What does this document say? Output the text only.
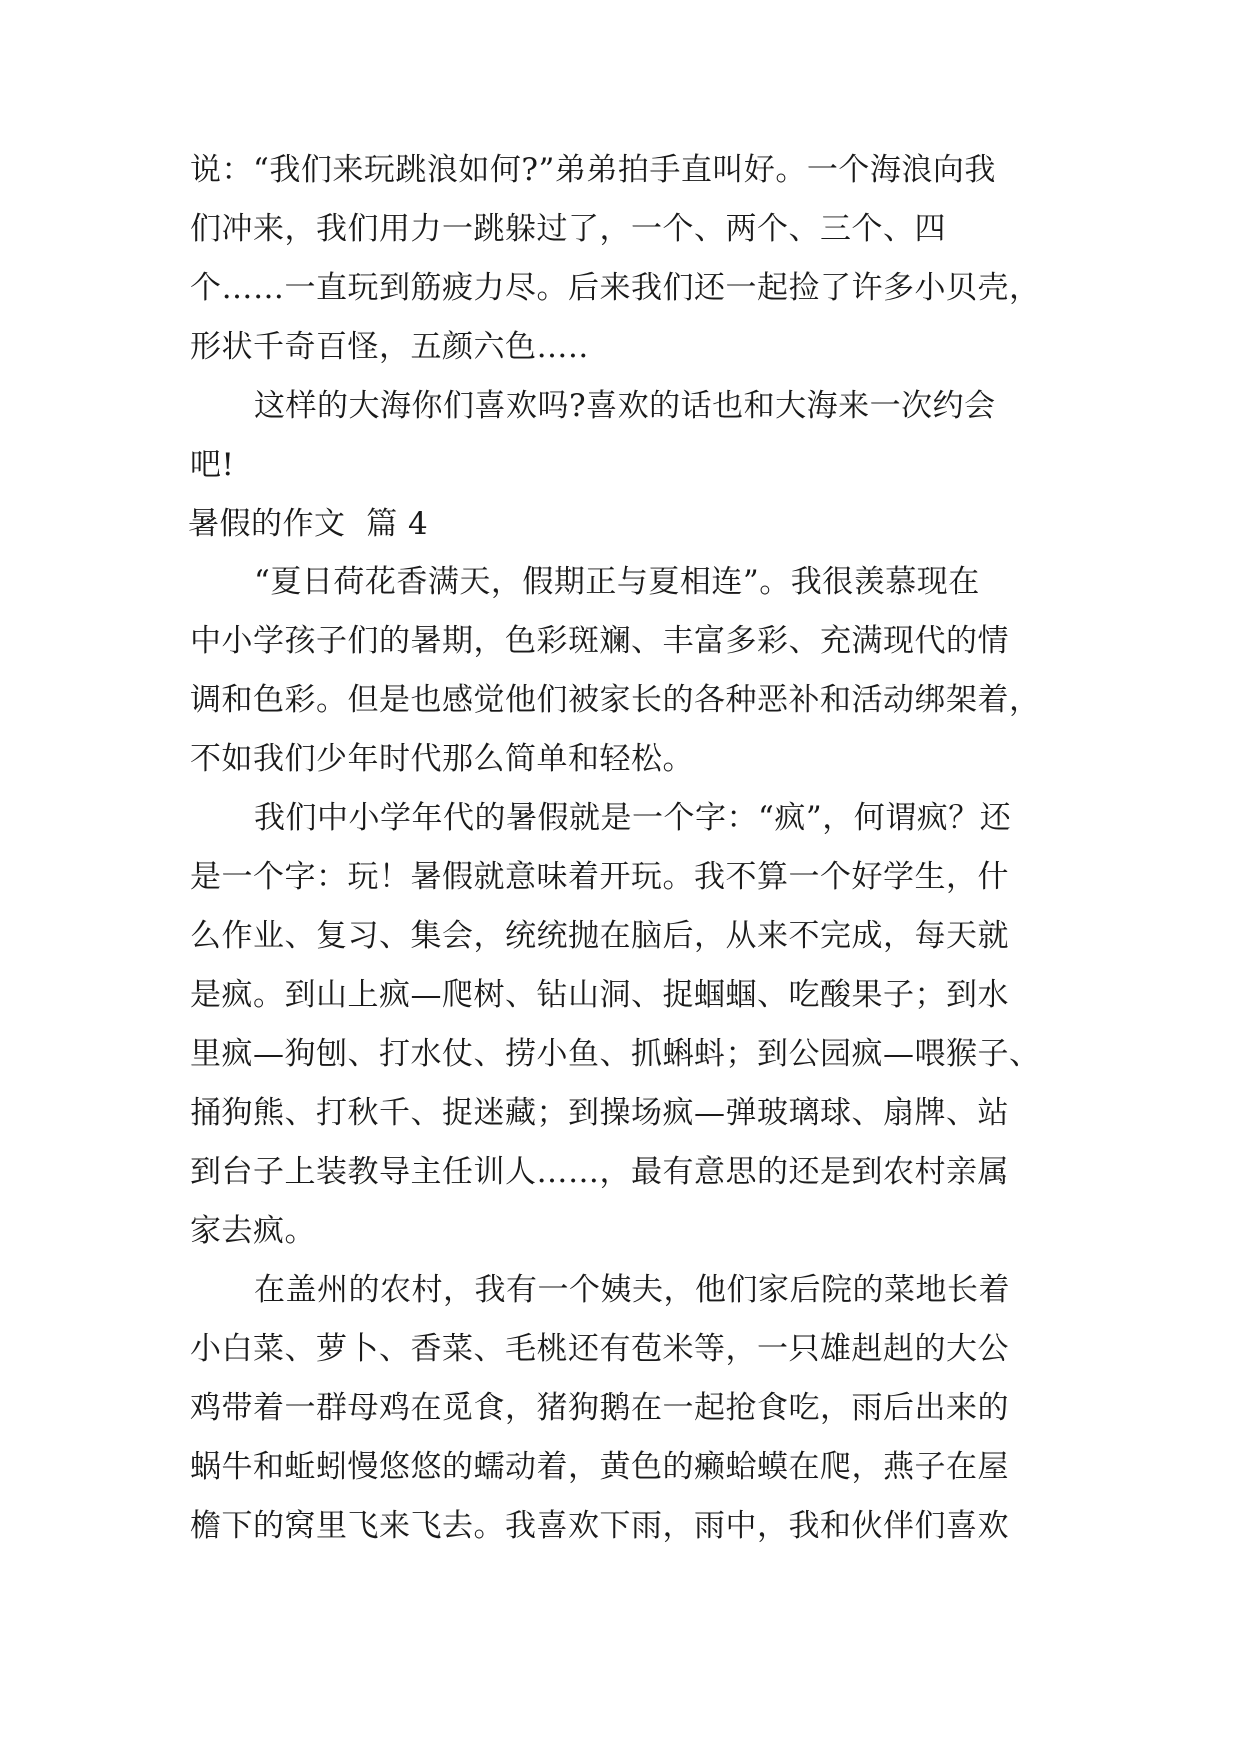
说：“我们来玩跳浪如何?”弟弟拍手直叫好。一个海浪向我
们冲来，我们用力一跳躲过了，一个、两个、三个、四
个……一直玩到筋疲力尽。后来我们还一起捡了许多小贝壳，
形状千奇百怪，五颜六色…..
这样的大海你们喜欢吗?喜欢的话也和大海来一次约会
吧!
暑假的作文  篇 4
“夏日荷花香满天，假期正与夏相连”。我很羡慕现在
中小学孩子们的暑期，色彩斑斓、丰富多彩、充满现代的情
调和色彩。但是也感觉他们被家长的各种恶补和活动绑架着，
不如我们少年时代那么简单和轻松。
我们中小学年代的暑假就是一个字：“疯”，何谓疯？还
是一个字：玩！暑假就意味着开玩。我不算一个好学生，什
么作业、复习、集会，统统抛在脑后，从来不完成，每天就
是疯。到山上疯—爬树、钻山洞、捉蝈蝈、吃酸果子；到水
里疯—狗刨、打水仗、捞小鱼、抓蝌蚪；到公园疯—喂猴子、
捅狗熊、打秋千、捉迷藏；到操场疯—弹玻璃球、扇牌、站
到台子上装教导主任训人……，最有意思的还是到农村亲属
家去疯。
在盖州的农村，我有一个姨夫，他们家后院的菜地长着
小白菜、萝卜、香菜、毛桃还有苞米等，一只雄赳赳的大公
鸡带着一群母鸡在觅食，猪狗鹅在一起抢食吃，雨后出来的
蜗牛和蚯蚓慢悠悠的蠕动着，黄色的癞蛤蟆在爬，燕子在屋
檐下的窝里飞来飞去。我喜欢下雨，雨中，我和伙伴们喜欢
